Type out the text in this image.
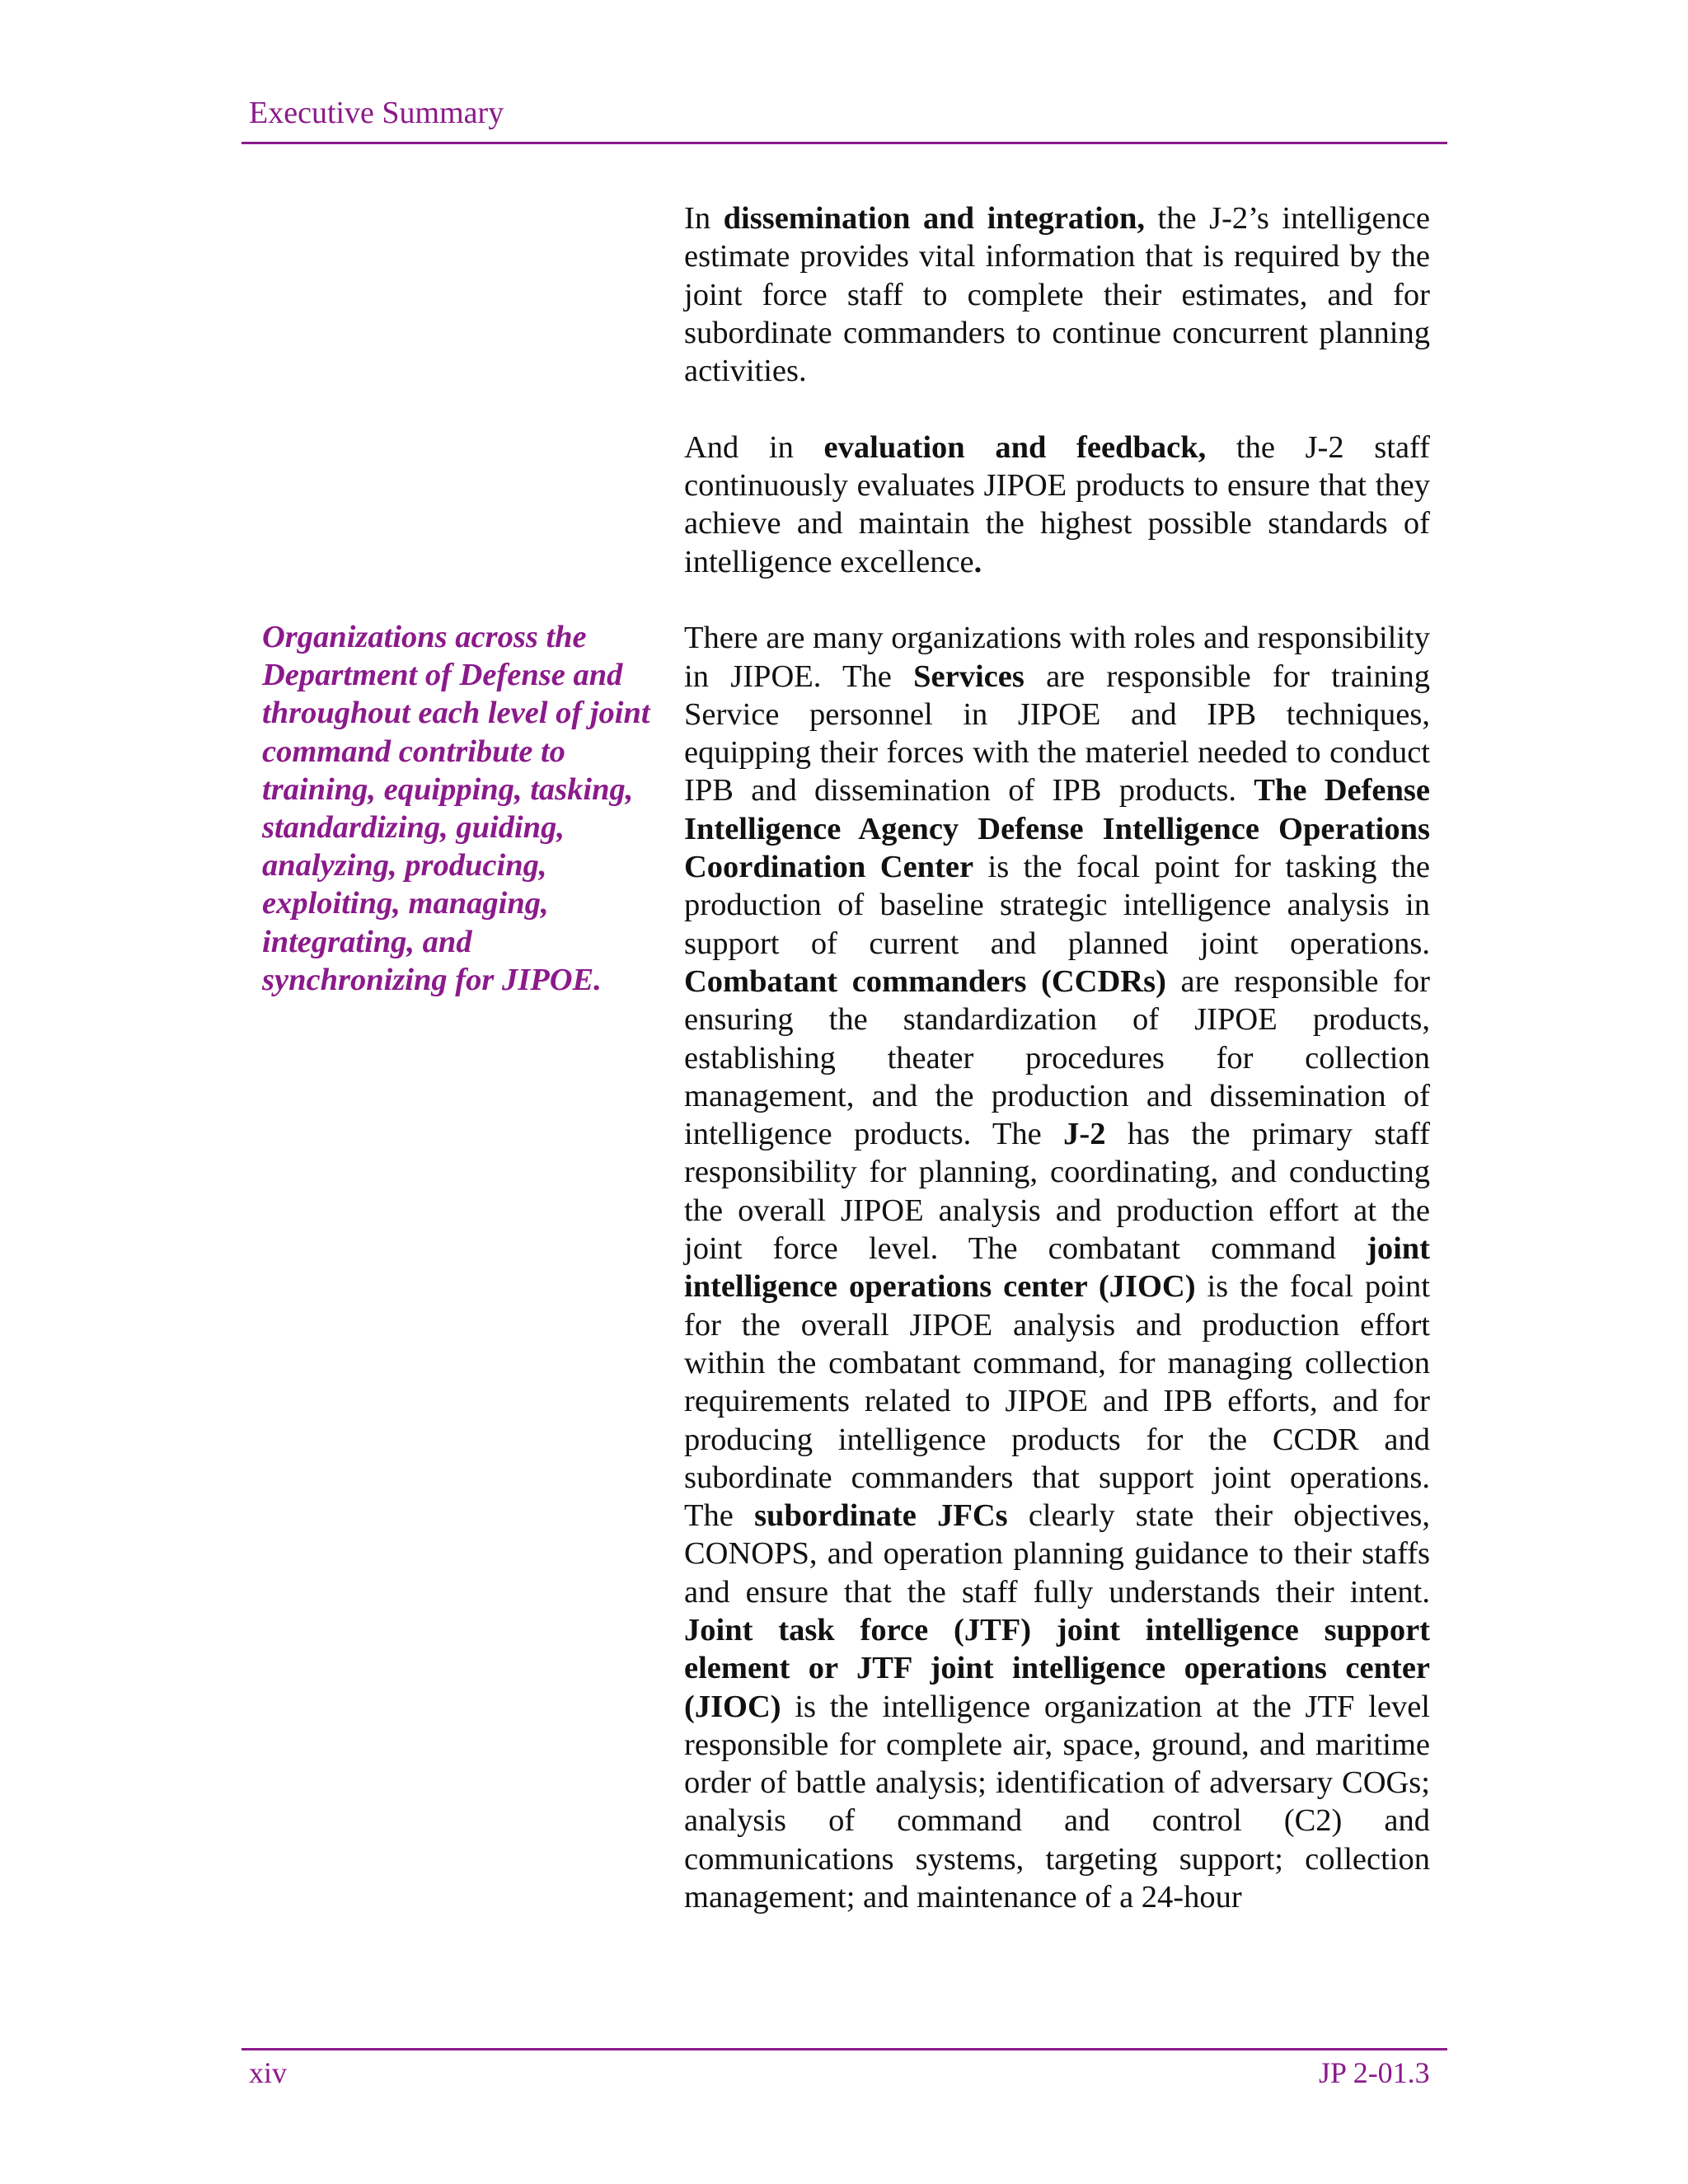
Executive Summary
Organizations across the Department of Defense and throughout each level of joint command contribute to training, equipping, tasking, standardizing, guiding, analyzing, producing, exploiting, managing, integrating, and synchronizing for JIPOE.

In dissemination and integration, the J-2’s intelligence estimate provides vital information that is required by the joint force staff to complete their estimates, and for subordinate commanders to continue concurrent planning activities.

And in evaluation and feedback, the J-2 staff continuously evaluates JIPOE products to ensure that they achieve and maintain the highest possible standards of intelligence excellence.

There are many organizations with roles and responsibility in JIPOE. The Services are responsible for training Service personnel in JIPOE and IPB techniques, equipping their forces with the materiel needed to conduct IPB and dissemination of IPB products. The Defense Intelligence Agency Defense Intelligence Operations Coordination Center is the focal point for tasking the production of baseline strategic intelligence analysis in support of current and planned joint operations. Combatant commanders (CCDRs) are responsible for ensuring the standardization of JIPOE products, establishing theater procedures for collection management, and the production and dissemination of intelligence products. The J-2 has the primary staff responsibility for planning, coordinating, and conducting the overall JIPOE analysis and production effort at the joint force level. The combatant command joint intelligence operations center (JIOC) is the focal point for the overall JIPOE analysis and production effort within the combatant command, for managing collection requirements related to JIPOE and IPB efforts, and for producing intelligence products for the CCDR and subordinate commanders that support joint operations. The subordinate JFCs clearly state their objectives, CONOPS, and operation planning guidance to their staffs and ensure that the staff fully understands their intent. Joint task force (JTF) joint intelligence support element or JTF joint intelligence operations center (JIOC) is the intelligence organization at the JTF level responsible for complete air, space, ground, and maritime order of battle analysis; identification of adversary COGs; analysis of command and control (C2) and communications systems, targeting support; collection management; and maintenance of a 24-hour

xiv	JP 2-01.3
